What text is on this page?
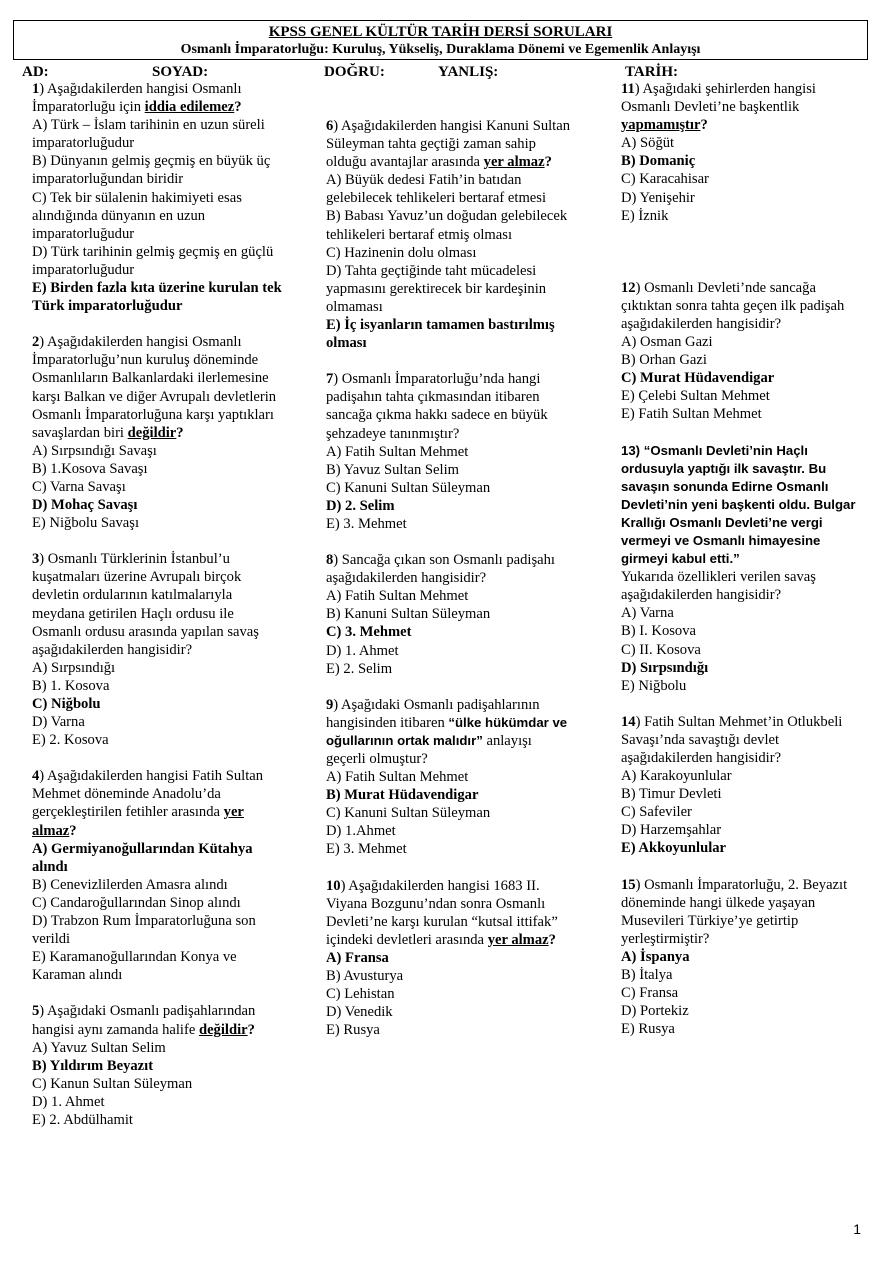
KPSS GENEL KÜLTÜR TARİH DERSİ SORULARI
Osmanlı İmparatorluğu: Kuruluş, Yükseliş, Duraklama Dönemi ve Egemenlik Anlayışı
AD:	SOYAD:	DOĞRU:	YANLIŞ:	TARİH:

1) Aşağıdakilerden hangisi Osmanlı İmparatorluğu için iddia edilemez?

A) Türk – İslam tarihinin en uzun süreli imparatorluğudur

B) Dünyanın gelmiş geçmiş en büyük üç imparatorluğundan biridir

C) Tek bir sülalenin hakimiyeti esas alındığında dünyanın en uzun imparatorluğudur

D) Türk tarihinin gelmiş geçmiş en güçlü imparatorluğudur

E) Birden fazla kıta üzerine kurulan tek Türk imparatorluğudur

2) Aşağıdakilerden hangisi Osmanlı İmparatorluğu’nun kuruluş döneminde Osmanlıların Balkanlardaki ilerlemesine karşı Balkan ve diğer Avrupalı devletlerin Osmanlı İmparatorluğuna karşı yaptıkları savaşlardan biri değildir?

A) Sırpsındığı Savaşı

B) 1.Kosova Savaşı

C) Varna Savaşı

D) Mohaç Savaşı

E) Niğbolu Savaşı

3) Osmanlı Türklerinin İstanbul’u kuşatmaları üzerine Avrupalı birçok devletin ordularının katılmalarıyla meydana getirilen Haçlı ordusu ile Osmanlı ordusu arasında yapılan savaş aşağıdakilerden hangisidir?

A) Sırpsındığı

B) 1. Kosova

C) Niğbolu

D) Varna

E) 2. Kosova

4) Aşağıdakilerden hangisi Fatih Sultan Mehmet döneminde Anadolu’da gerçekleştirilen fetihler arasında yer almaz?

A) Germiyanoğullarından Kütahya alındı

B) Cenevizlilerden Amasra alındı

C) Candaroğullarından Sinop alındı

D) Trabzon Rum İmparatorluğuna son verildi

E) Karamanoğullarından Konya ve Karaman alındı

5) Aşağıdaki Osmanlı padişahlarından hangisi aynı zamanda halife değildir?

A) Yavuz Sultan Selim

B) Yıldırım Beyazıt

C) Kanun Sultan Süleyman

D) 1. Ahmet

E) 2. Abdülhamit

6) Aşağıdakilerden hangisi Kanuni Sultan Süleyman tahta geçtiği zaman sahip olduğu avantajlar arasında yer almaz?

A) Büyük dedesi Fatih’in batıdan gelebilecek tehlikeleri bertaraf etmesi

B) Babası Yavuz’un doğudan gelebilecek tehlikeleri bertaraf etmiş olması

C) Hazinenin dolu olması

D) Tahta geçtiğinde taht mücadelesi yapmasını gerektirecek bir kardeşinin olmaması

E) İç isyanların tamamen bastırılmış olması

7) Osmanlı İmparatorluğu’nda hangi padişahın tahta çıkmasından itibaren sancağa çıkma hakkı sadece en büyük şehzadeye tanınmıştır?

A) Fatih Sultan Mehmet

B) Yavuz Sultan Selim

C) Kanuni Sultan Süleyman

D) 2. Selim

E) 3. Mehmet

8) Sancağa çıkan son Osmanlı padişahı aşağıdakilerden hangisidir?

A) Fatih Sultan Mehmet

B) Kanuni Sultan Süleyman

C) 3. Mehmet

D) 1. Ahmet

E) 2. Selim

9) Aşağıdaki Osmanlı padişahlarının hangisinden itibaren “ülke hükümdar ve oğullarının ortak malıdır” anlayışı geçerli olmuştur?

A) Fatih Sultan Mehmet

B) Murat Hüdavendigar

C) Kanuni Sultan Süleyman

D) 1.Ahmet

E) 3. Mehmet

10) Aşağıdakilerden hangisi 1683 II. Viyana Bozgunu’ndan sonra Osmanlı Devleti’ne karşı kurulan “kutsal ittifak” içindeki devletleri arasında yer almaz?

A) Fransa

B) Avusturya

C) Lehistan

D) Venedik

E) Rusya

11) Aşağıdaki şehirlerden hangisi Osmanlı Devleti’ne başkentlik yapmamıştır?

A) Söğüt

B) Domaniç

C) Karacahisar

D) Yenişehir

E) İznik

12) Osmanlı Devleti’nde sancağa çıktıktan sonra tahta geçen ilk padişah aşağıdakilerden hangisidir?

A) Osman Gazi

B) Orhan Gazi

C) Murat Hüdavendigar

E) Çelebi Sultan Mehmet

E) Fatih Sultan Mehmet

13) “Osmanlı Devleti’nin Haçlı ordusuyla yaptığı ilk savaştır. Bu savaşın sonunda Edirne Osmanlı Devleti’nin yeni başkenti oldu. Bulgar Krallığı Osmanlı Devleti’ne vergi vermeyi ve Osmanlı himayesine girmeyi kabul etti.”

Yukarıda özellikleri verilen savaş aşağıdakilerden hangisidir?

A) Varna

B) I. Kosova

C) II. Kosova

D) Sırpsındığı

E) Niğbolu

14) Fatih Sultan Mehmet’in Otlukbeli Savaşı’nda savaştığı devlet aşağıdakilerden hangisidir?

A) Karakoyunlular

B) Timur Devleti

C) Safeviler

D) Harzemşahlar

E) Akkoyunlular

15) Osmanlı İmparatorluğu, 2. Beyazıt döneminde hangi ülkede yaşayan Musevileri Türkiye’ye getirtip yerleştirmiştir?

A) İspanya

B) İtalya

C) Fransa

D) Portekiz

E) Rusya

1
